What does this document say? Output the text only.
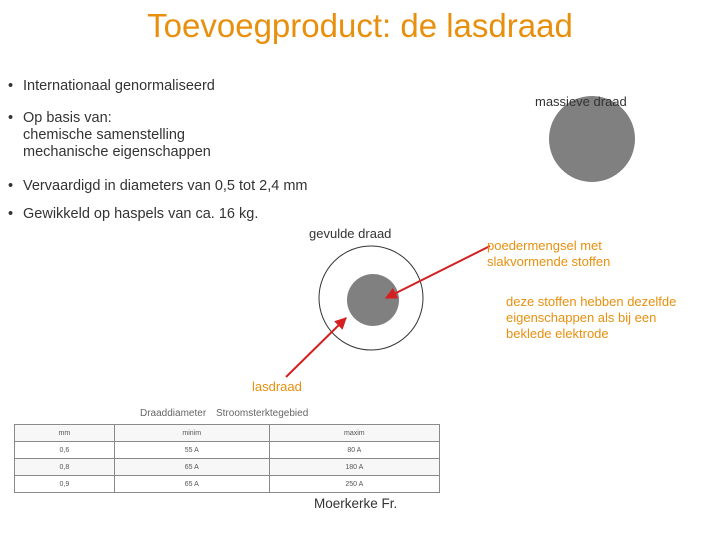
Toevoegproduct: de lasdraad
• Internationaal genormaliseerd
• Op basis van:
chemische samenstelling
mechanische eigenschappen
• Vervaardigd in diameters van 0,5 tot 2,4 mm
• Gewikkeld op haspels van ca. 16 kg.
massieve draad
gevulde draad
poedermengsel met
slakvormende stoffen
deze stoffen hebben dezelfde
eigenschappen als bij een
beklede elektrode
lasdraad
Draaddiameter Stroomsterktegebied
mm	minim	maxim
0,6	55 A	80 A
0,8	65 A	180 A
0,9	65 A	250 A
Moerkerke Fr.
